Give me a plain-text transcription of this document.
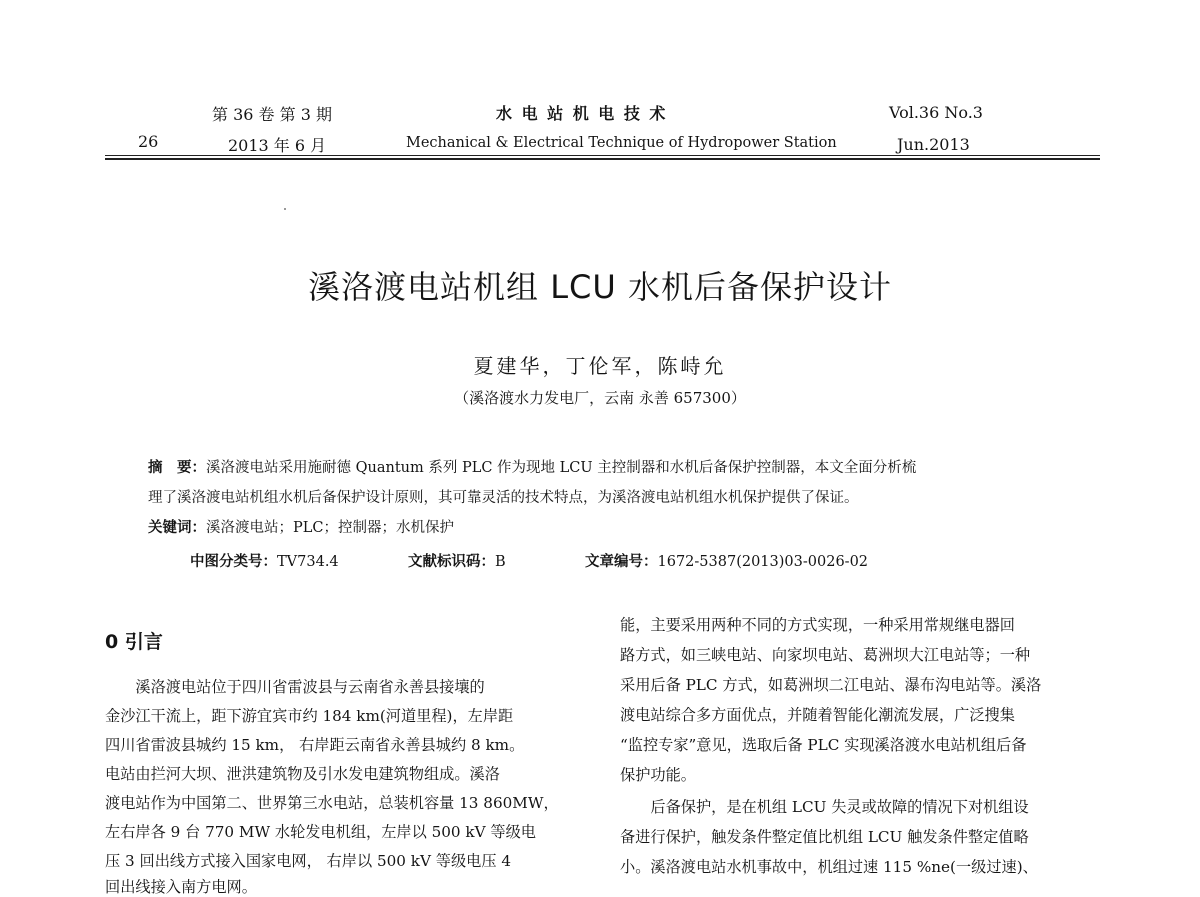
第 36 卷 第 3 期	水 电 站 机 电 技 术	Vol.36 No.3
26	2013 年 6 月	Mechanical & Electrical Technique of Hydropower Station	Jun.2013
溪洛渡电站机组 LCU 水机后备保护设计
夏建华，丁伦军，陈峙允
（溪洛渡水力发电厂，云南 永善 657300）
摘　要：溪洛渡电站采用施耐德 Quantum 系列 PLC 作为现地 LCU 主控制器和水机后备保护控制器，本文全面分析梳
理了溪洛渡电站机组水机后备保护设计原则，其可靠灵活的技术特点，为溪洛渡电站机组水机保护提供了保证。
关键词：溪洛渡电站；PLC；控制器；水机保护
中图分类号：TV734.4	文献标识码：B	文章编号：1672-5387(2013)03-0026-02
0 引言
　　溪洛渡电站位于四川省雷波县与云南省永善县接壤的
金沙江干流上，距下游宜宾市约 184 km(河道里程)，左岸距
四川省雷波县城约 15 km， 右岸距云南省永善县城约 8 km。
电站由拦河大坝、泄洪建筑物及引水发电建筑物组成。溪洛
渡电站作为中国第二、世界第三水电站，总装机容量 13 860MW，
左右岸各 9 台 770 MW 水轮发电机组，左岸以 500 kV 等级电
压 3 回出线方式接入国家电网， 右岸以 500 kV 等级电压 4
回出线接入南方电网。
能，主要采用两种不同的方式实现，一种采用常规继电器回
路方式，如三峡电站、向家坝电站、葛洲坝大江电站等；一种
采用后备 PLC 方式，如葛洲坝二江电站、瀑布沟电站等。溪洛
渡电站综合多方面优点，并随着智能化潮流发展，广泛搜集
“监控专家”意见，选取后备 PLC 实现溪洛渡水电站机组后备
保护功能。
　　后备保护，是在机组 LCU 失灵或故障的情况下对机组设
备进行保护，触发条件整定值比机组 LCU 触发条件整定值略
小。溪洛渡电站水机事故中，机组过速 115 %ne(一级过速)、
